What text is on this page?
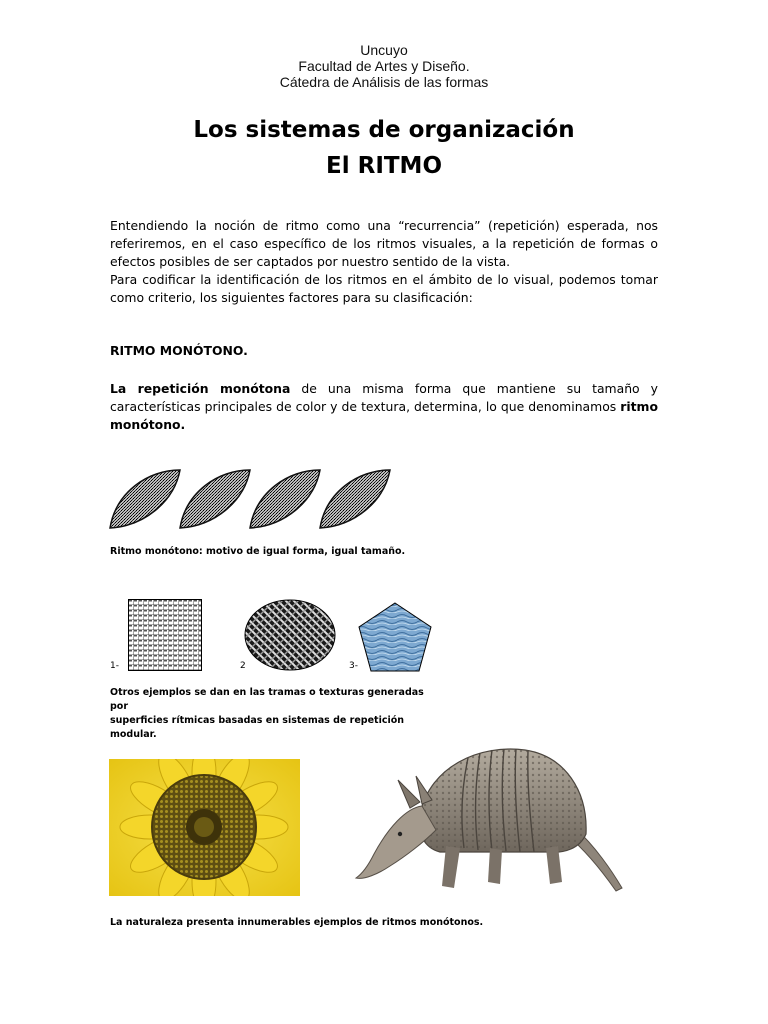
Uncuyo
Facultad de Artes y Diseño.
Cátedra de Análisis de las formas
Los sistemas de organización
El RITMO

Entendiendo la noción de ritmo como una “recurrencia” (repetición) esperada, nos referiremos, en el caso específico de los ritmos visuales, a la repetición de formas o efectos posibles de ser captados por nuestro sentido de la vista.

Para codificar la identificación de los ritmos en el ámbito de lo visual, podemos tomar como criterio, los siguientes factores para su clasificación:

RITMO MONÓTONO.
La repetición monótona de una misma forma que mantiene su tamaño y características principales de color y de textura, determina, lo que denominamos ritmo monótono.
Ritmo monótono: motivo de igual forma, igual tamaño.
1-	2	3-
Otros ejemplos se dan en las tramas o texturas generadas por
superficies rítmicas basadas en sistemas de repetición modular.
La naturaleza presenta innumerables ejemplos de ritmos monótonos.
